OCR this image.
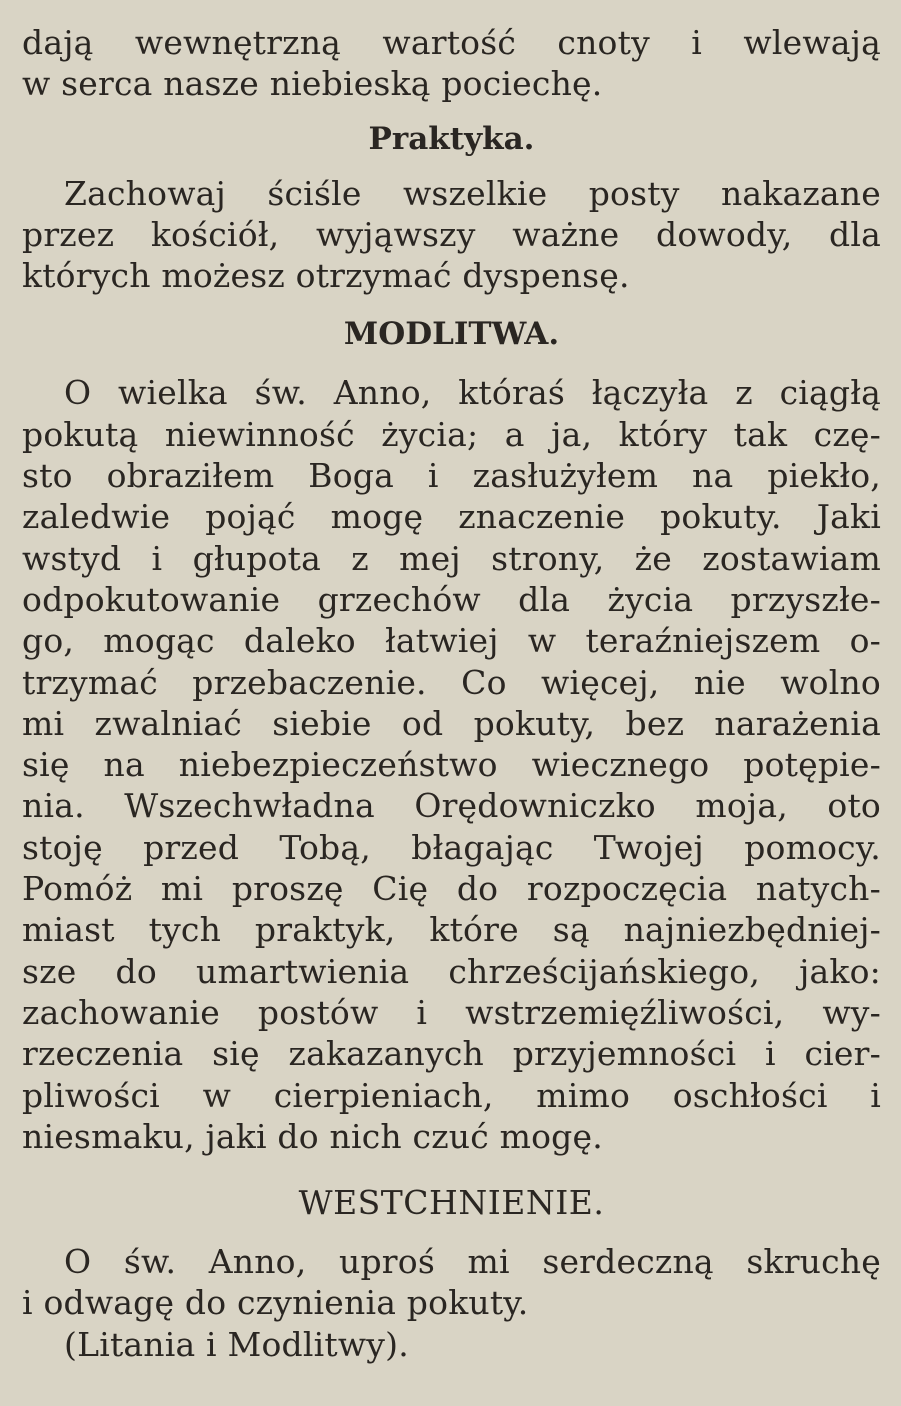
dają wewnętrzną wartość cnoty i wlewają
w serca nasze niebieską pociechę.
Praktyka.
Zachowaj ściśle wszelkie posty nakazane
przez kościół, wyjąwszy ważne dowody, dla
których możesz otrzymać dyspensę.
MODLITWA.
O wielka św. Anno, któraś łączyła z ciągłą
pokutą niewinność życia; a ja, który tak czę-
sto obraziłem Boga i zasłużyłem na piekło,
zaledwie pojąć mogę znaczenie pokuty. Jaki
wstyd i głupota z mej strony, że zostawiam
odpokutowanie grzechów dla życia przyszłe-
go, mogąc daleko łatwiej w teraźniejszem o-
trzymać przebaczenie. Co więcej, nie wolno
mi zwalniać siebie od pokuty, bez narażenia
się na niebezpieczeństwo wiecznego potępie-
nia. Wszechwładna Orędowniczko moja, oto
stoję przed Tobą, błagając Twojej pomocy.
Pomóż mi proszę Cię do rozpoczęcia natych-
miast tych praktyk, które są najniezbędniej-
sze do umartwienia chrześcijańskiego, jako:
zachowanie postów i wstrzemięźliwości, wy-
rzeczenia się zakazanych przyjemności i cier-
pliwości w cierpieniach, mimo oschłości i
niesmaku, jaki do nich czuć mogę.
WESTCHNIENIE.
O św. Anno, uproś mi serdeczną skruchę
i odwagę do czynienia pokuty.
(Litania i Modlitwy).
